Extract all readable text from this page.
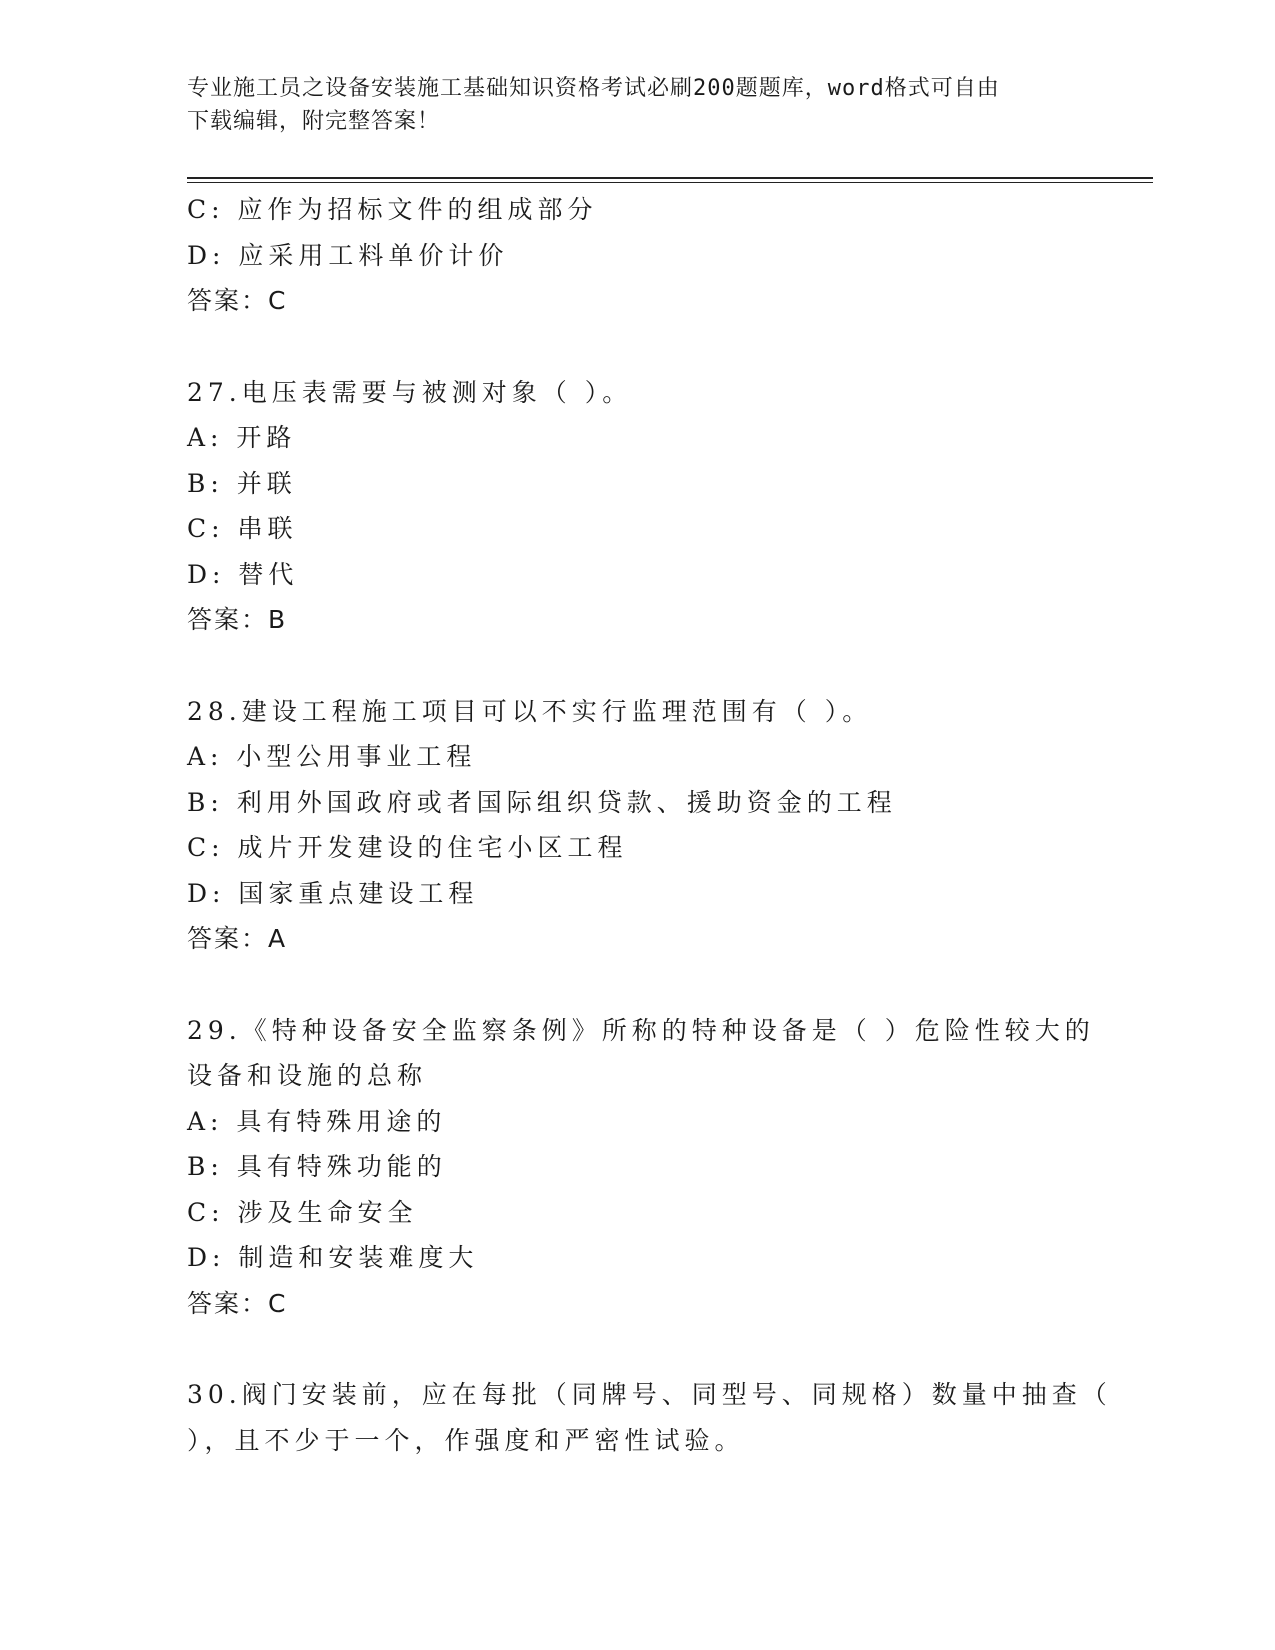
专业施工员之设备安装施工基础知识资格考试必刷200题题库，word格式可自由
下载编辑，附完整答案！
C: 应作为招标文件的组成部分
D: 应采用工料单价计价
答案：C
27.电压表需要与被测对象（ ）。
A: 开路
B: 并联
C: 串联
D: 替代
答案：B
28.建设工程施工项目可以不实行监理范围有（ ）。
A: 小型公用事业工程
B: 利用外国政府或者国际组织贷款、援助资金的工程
C: 成片开发建设的住宅小区工程
D: 国家重点建设工程
答案：A
29.《特种设备安全监察条例》所称的特种设备是（ ）危险性较大的
设备和设施的总称
A: 具有特殊用途的
B: 具有特殊功能的
C: 涉及生命安全
D: 制造和安装难度大
答案：C
30.阀门安装前，应在每批（同牌号、同型号、同规格）数量中抽查（
），且不少于一个，作强度和严密性试验。
